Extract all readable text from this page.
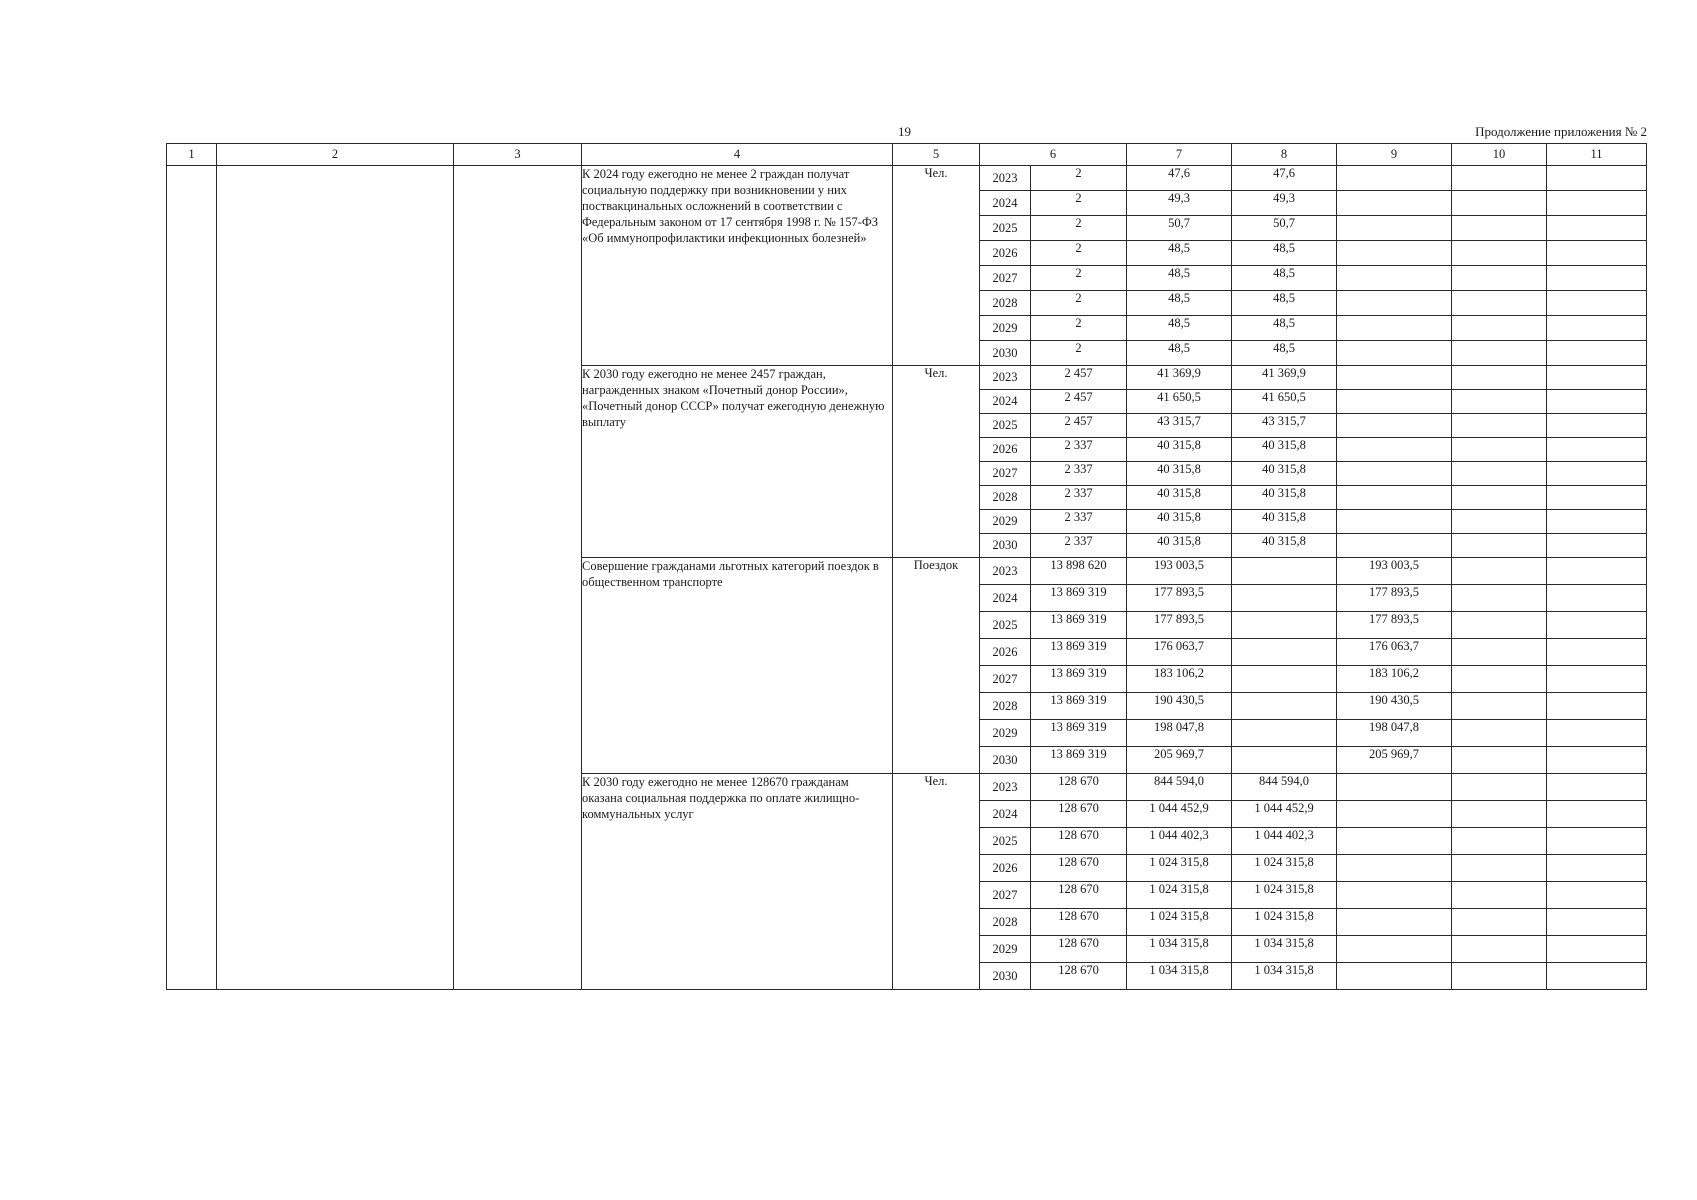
19	Продолжение приложения № 2
1	2	3	4	5	6		7	8	9	10	11
			К 2024 году ежегодно не менее 2 граждан получат социальную поддержку при возникновении у них поствакцинальных осложнений в соответствии с Федеральным законом от 17 сентября 1998 г. № 157-ФЗ «Об иммунопрофилактики инфекционных болезней»	Чел.	2023	2	47,6	47,6			
					2024	2	49,3	49,3			
					2025	2	50,7	50,7			
					2026	2	48,5	48,5			
					2027	2	48,5	48,5			
					2028	2	48,5	48,5			
					2029	2	48,5	48,5			
					2030	2	48,5	48,5			
			К 2030 году ежегодно не менее 2457 граждан, награжденных знаком «Почетный донор России», «Почетный донор СССР» получат ежегодную денежную выплату	Чел.	2023	2 457	41 369,9	41 369,9			
					2024	2 457	41 650,5	41 650,5			
					2025	2 457	43 315,7	43 315,7			
					2026	2 337	40 315,8	40 315,8			
					2027	2 337	40 315,8	40 315,8			
					2028	2 337	40 315,8	40 315,8			
					2029	2 337	40 315,8	40 315,8			
					2030	2 337	40 315,8	40 315,8			
			Совершение гражданами льготных категорий поездок в общественном транспорте	Поездок	2023	13 898 620	193 003,5		193 003,5		
					2024	13 869 319	177 893,5		177 893,5		
					2025	13 869 319	177 893,5		177 893,5		
					2026	13 869 319	176 063,7		176 063,7		
					2027	13 869 319	183 106,2		183 106,2		
					2028	13 869 319	190 430,5		190 430,5		
					2029	13 869 319	198 047,8		198 047,8		
					2030	13 869 319	205 969,7		205 969,7		
			К 2030 году ежегодно не менее 128670 гражданам оказана социальная поддержка по оплате жилищно-коммунальных услуг	Чел.	2023	128 670	844 594,0	844 594,0			
					2024	128 670	1 044 452,9	1 044 452,9			
					2025	128 670	1 044 402,3	1 044 402,3			
					2026	128 670	1 024 315,8	1 024 315,8			
					2027	128 670	1 024 315,8	1 024 315,8			
					2028	128 670	1 024 315,8	1 024 315,8			
					2029	128 670	1 034 315,8	1 034 315,8			
					2030	128 670	1 034 315,8	1 034 315,8			
